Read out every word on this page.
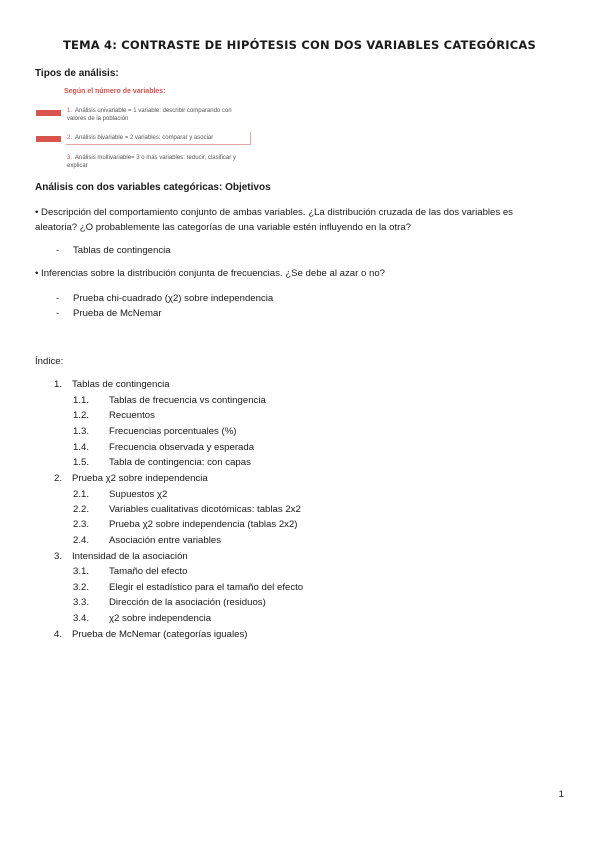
TEMA 4: CONTRASTE DE HIPÓTESIS CON DOS VARIABLES CATEGÓRICAS
Tipos de análisis:
Según el número de variables:
1. Análisis univariable = 1 variable: describir comparando con valores de la población
2. Análisis bivariable = 2 variables: comparar y asociar
3. Análisis multivariable= 3 o más variables: reducir, clasificar y explicar
Análisis con dos variables categóricas: Objetivos
• Descripción del comportamiento conjunto de ambas variables. ¿La distribución cruzada de las dos variables es
aleatoria? ¿O probablemente las categorías de una variable estén influyendo en la otra?
- Tablas de contingencia
• Inferencias sobre la distribución conjunta de frecuencias. ¿Se debe al azar o no?
- Prueba chi-cuadrado (χ2) sobre independencia
- Prueba de McNemar
Índice:
1. Tablas de contingencia
1.1. Tablas de frecuencia vs contingencia
1.2. Recuentos
1.3. Frecuencias porcentuales (%)
1.4. Frecuencia observada y esperada
1.5. Tabla de contingencia: con capas
2. Prueba χ2 sobre independencia
2.1. Supuestos χ2
2.2. Variables cualitativas dicotómicas: tablas 2x2
2.3. Prueba χ2 sobre independencia (tablas 2x2)
2.4. Asociación entre variables
3. Intensidad de la asociación
3.1. Tamaño del efecto
3.2. Elegir el estadístico para el tamaño del efecto
3.3. Dirección de la asociación (residuos)
3.4. χ2 sobre independencia
4. Prueba de McNemar (categorías iguales)
1
